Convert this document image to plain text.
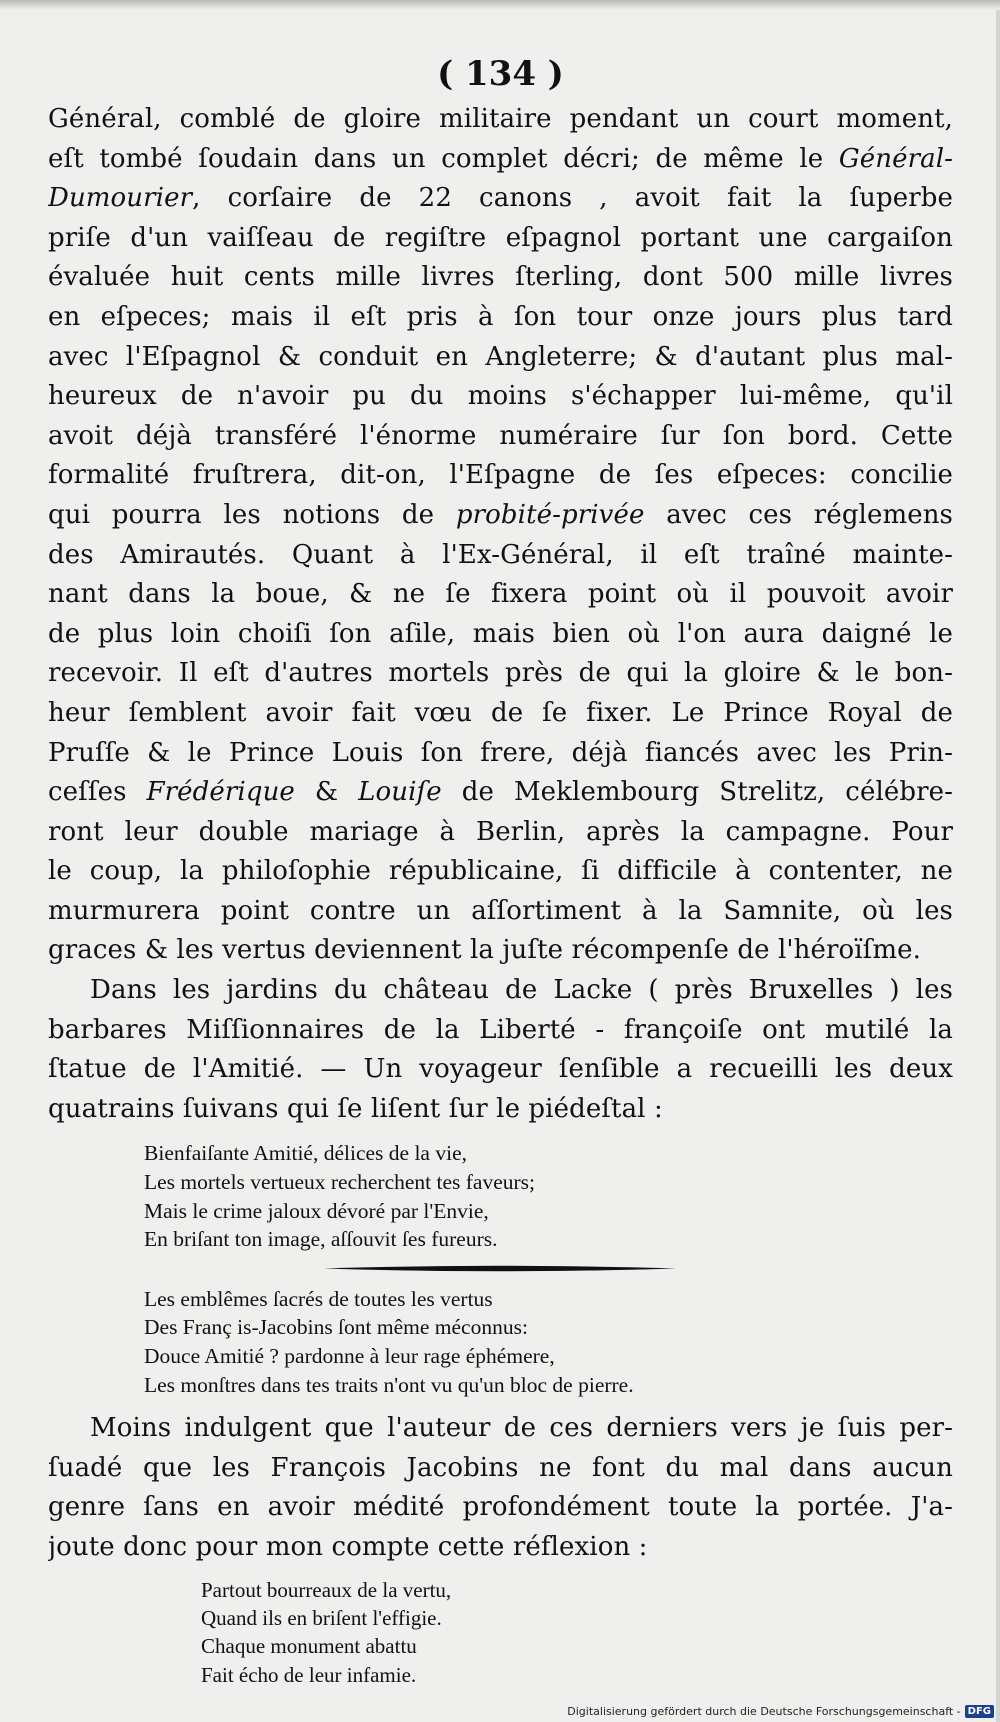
( 134 )

Général, comblé de gloire militaire pendant un court moment,
eſt tombé ſoudain dans un complet décri; de même le Général-
Dumourier, corſaire de 22 canons , avoit fait la ſuperbe
priſe d'un vaiſſeau de regiſtre eſpagnol portant une cargaiſon
évaluée huit cents mille livres ſterling, dont 500 mille livres
en eſpeces; mais il eſt pris à ſon tour onze jours plus tard
avec l'Eſpagnol & conduit en Angleterre; & d'autant plus mal-
heureux de n'avoir pu du moins s'échapper lui-même, qu'il
avoit déjà transféré l'énorme numéraire ſur ſon bord. Cette
formalité fruſtrera, dit-on, l'Eſpagne de ſes eſpeces: concilie
qui pourra les notions de probité-privée avec ces réglemens
des Amirautés. Quant à l'Ex-Général, il eſt traîné mainte-
nant dans la boue, & ne ſe fixera point où il pouvoit avoir
de plus loin choiſi ſon aſile, mais bien où l'on aura daigné le
recevoir. Il eſt d'autres mortels près de qui la gloire & le bon-
heur ſemblent avoir fait vœu de ſe fixer. Le Prince Royal de
Pruſſe & le Prince Louis ſon frere, déjà fiancés avec les Prin-
ceſſes Frédérique & Louiſe de Meklembourg Strelitz, célébre-
ront leur double mariage à Berlin, après la campagne. Pour
le coup, la philoſophie républicaine, ſi difficile à contenter, ne
murmurera point contre un aſſortiment à la Samnite, où les
graces & les vertus deviennent la juſte récompenſe de l'héroïſme.

Dans les jardins du château de Lacke ( près Bruxelles ) les
barbares Miſſionnaires de la Liberté - françoiſe ont mutilé la
ſtatue de l'Amitié. — Un voyageur ſenſible a recueilli les deux
quatrains ſuivans qui ſe liſent ſur le piédeſtal :

Bienfaiſante Amitié, délices de la vie,
Les mortels vertueux recherchent tes faveurs;
Mais le crime jaloux dévoré par l'Envie,
En briſant ton image, aſſouvit ſes fureurs.
Les emblêmes ſacrés de toutes les vertus
Des Franç is-Jacobins ſont même méconnus:
Douce Amitié ? pardonne à leur rage éphémere,
Les monſtres dans tes traits n'ont vu qu'un bloc de pierre.

Moins indulgent que l'auteur de ces derniers vers je ſuis per-
ſuadé que les François Jacobins ne font du mal dans aucun
genre ſans en avoir médité profondément toute la portée. J'a-
joute donc pour mon compte cette réflexion :

Partout bourreaux de la vertu,
Quand ils en briſent l'effigie.
Chaque monument abattu
Fait écho de leur infamie.
Digitalisierung gefördert durch die Deutsche Forschungsgemeinschaft - DFG
